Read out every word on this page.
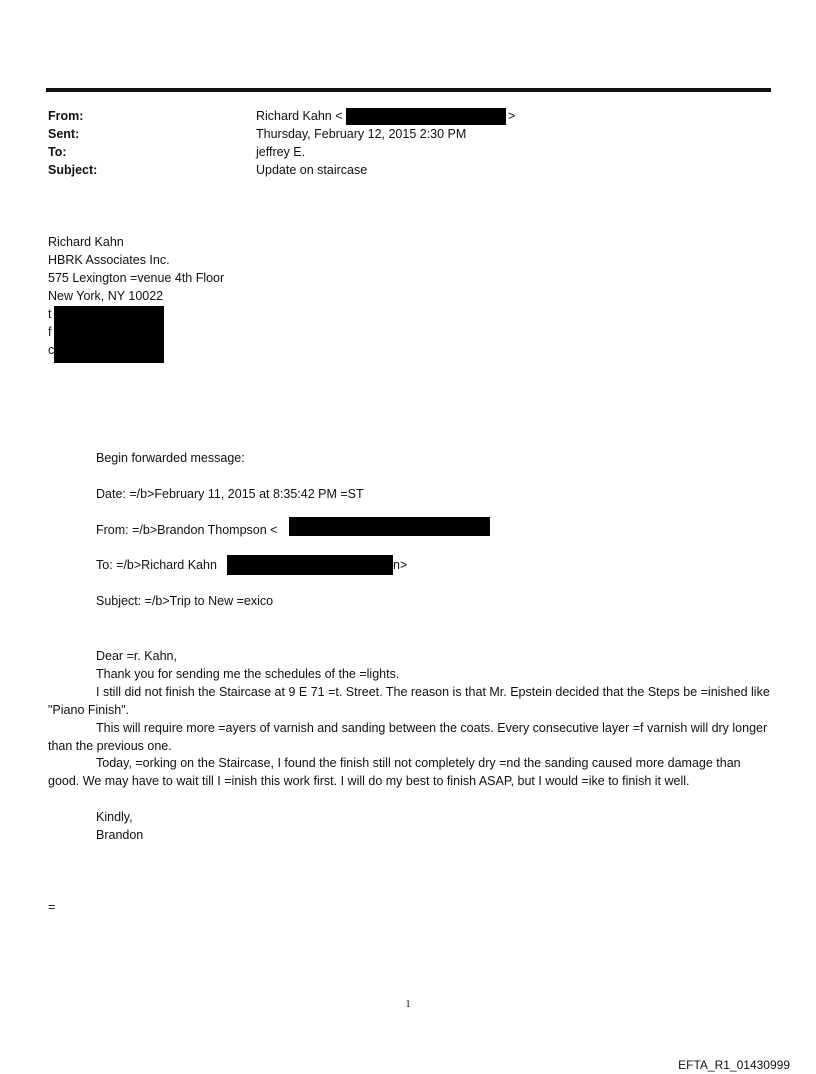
From:	Richard Kahn <	>
Sent:	Thursday, February 12, 2015 2:30 PM
To:	jeffrey E.
Subject:	Update on staircase
Richard Kahn
HBRK Associates Inc.
575 Lexington =venue 4th Floor
New York, NY 10022
t
f
c
Begin forwarded message:
Date: =/b>February 11, 2015 at 8:35:42 PM =ST
From: =/b>Brandon Thompson <
To: =/b>Richard Kahn	n>
Subject: =/b>Trip to New =exico
Dear =r. Kahn,
Thank you for sending me the schedules of the =lights.
I still did not finish the Staircase at 9 E 71 =t. Street. The reason is that Mr. Epstein decided that the Steps be =inished like "Piano Finish".
This will require more =ayers of varnish and sanding between the coats. Every consecutive layer =f varnish will dry longer than the previous one.
Today, =orking on the Staircase, I found the finish still not completely dry =nd the sanding caused more damage than good. We may have to wait till I =inish this work first. I will do my best to finish ASAP, but I would =ike to finish it well.
Kindly,
Brandon
=
1
EFTA_R1_01430999
